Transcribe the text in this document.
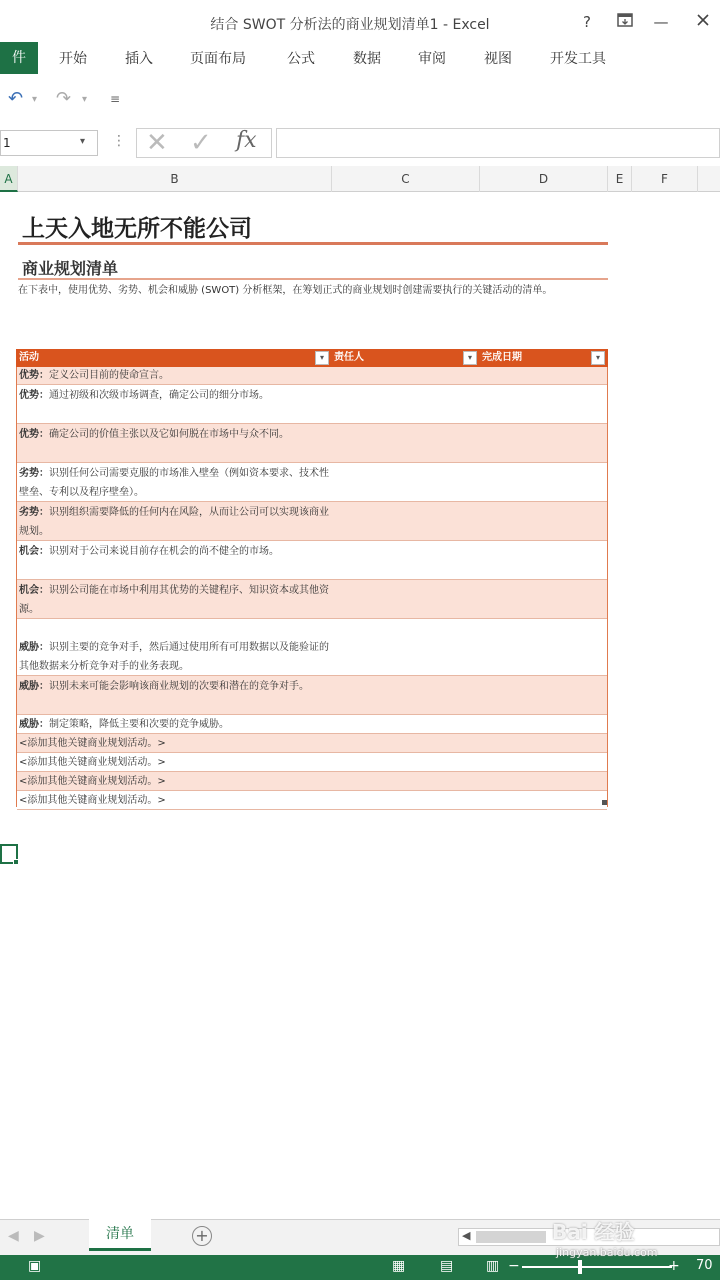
结合 SWOT 分析法的商业规划清单1 - Excel	?	—
件	开始	插入	页面布局	公式	数据	审阅	视图	开发工具
↶ ▾ ↷ ▾ ≡
1	▾ ⋮ ✕ ✓ fx
A	B	C	D	E	F
上天入地无所不能公司
商业规划清单
在下表中，使用优势、劣势、机会和威胁 (SWOT) 分析框架，在筹划正式的商业规划时创建需要执行的关键活动的清单。
活动	▾	责任人	▾	完成日期	▾
优势：定义公司目前的使命宣言。
优势：通过初级和次级市场调查，确定公司的细分市场。
优势：确定公司的价值主张以及它如何脱在市场中与众不同。
劣势：识别任何公司需要克服的市场准入壁垒（例如资本要求、技术性壁垒、专利以及程序壁垒）。
劣势：识别组织需要降低的任何内在风险，从而让公司可以实现该商业规划。
机会：识别对于公司来说目前存在机会的尚不健全的市场。
机会：识别公司能在市场中利用其优势的关键程序、知识资本或其他资源。
威胁：识别主要的竞争对手，然后通过使用所有可用数据以及能验证的其他数据来分析竞争对手的业务表现。
威胁：识别未来可能会影响该商业规划的次要和潜在的竞争对手。
威胁：制定策略，降低主要和次要的竞争威胁。
<添加其他关键商业规划活动。>
<添加其他关键商业规划活动。>
<添加其他关键商业规划活动。>
<添加其他关键商业规划活动。>
◀ ▶	清单	+	◀
▣	▦ ▤ ▥ −	+ 70
Bai 经验
jingyan.baidu.com
